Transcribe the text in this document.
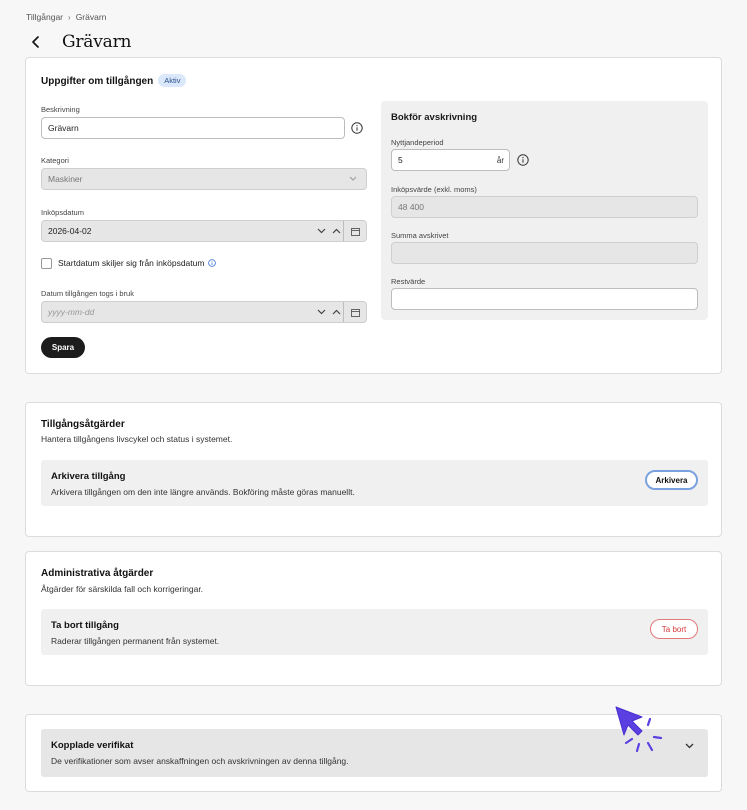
Tillgångar › Grävarn
Grävarn
Uppgifter om tillgången Aktiv
Beskrivning
Grävarn
Kategori
Maskiner
Inköpsdatum
2026-04-02
Startdatum skiljer sig från inköpsdatum
Datum tillgången togs i bruk
yyyy-mm-dd
Spara
Bokför avskrivning
Nyttjandeperiod
5	år
Inköpsvärde (exkl. moms)
48 400
Summa avskrivet
Restvärde
Tillgångsåtgärder
Hantera tillgångens livscykel och status i systemet.
Arkivera tillgång
Arkivera tillgången om den inte längre används. Bokföring måste göras manuellt.
Arkivera
Administrativa åtgärder
Åtgärder för särskilda fall och korrigeringar.
Ta bort tillgång
Raderar tillgången permanent från systemet.
Ta bort
Kopplade verifikat
De verifikationer som avser anskaffningen och avskrivningen av denna tillgång.
